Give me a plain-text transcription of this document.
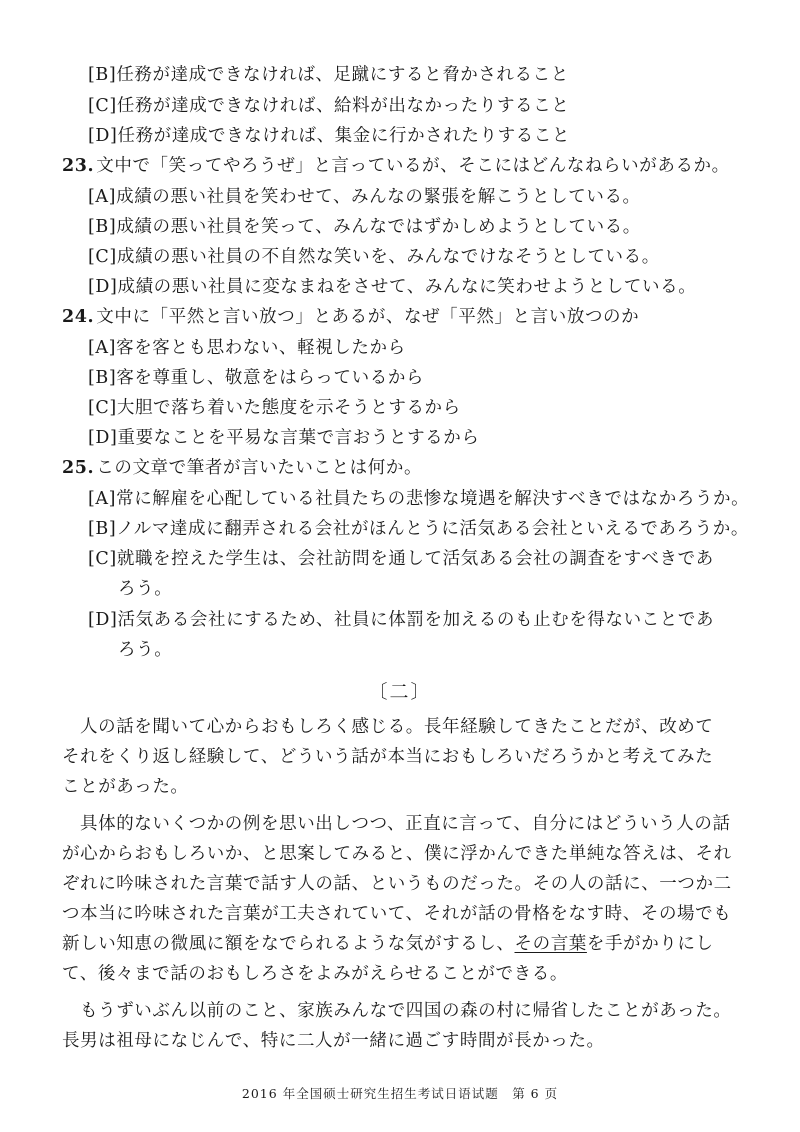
[B]任務が達成できなければ、足蹴にすると脅かされること
[C]任務が達成できなければ、給料が出なかったりすること
[D]任務が達成できなければ、集金に行かされたりすること
23. 文中で「笑ってやろうぜ」と言っているが、そこにはどんなねらいがあるか。
[A]成績の悪い社員を笑わせて、みんなの緊張を解こうとしている。
[B]成績の悪い社員を笑って、みんなではずかしめようとしている。
[C]成績の悪い社員の不自然な笑いを、みんなでけなそうとしている。
[D]成績の悪い社員に変なまねをさせて、みんなに笑わせようとしている。
24. 文中に「平然と言い放つ」とあるが、なぜ「平然」と言い放つのか
[A]客を客とも思わない、軽視したから
[B]客を尊重し、敬意をはらっているから
[C]大胆で落ち着いた態度を示そうとするから
[D]重要なことを平易な言葉で言おうとするから
25. この文章で筆者が言いたいことは何か。
[A]常に解雇を心配している社員たちの悲惨な境遇を解決すべきではなかろうか。
[B]ノルマ達成に翻弄される会社がほんとうに活気ある会社といえるであろうか。
[C]就職を控えた学生は、会社訪問を通して活気ある会社の調査をすべきであ
ろう。
[D]活気ある会社にするため、社員に体罰を加えるのも止むを得ないことであ
ろう。
〔二〕
人の話を聞いて心からおもしろく感じる。長年経験してきたことだが、改めて
それをくり返し経験して、どういう話が本当におもしろいだろうかと考えてみた
ことがあった。
具体的ないくつかの例を思い出しつつ、正直に言って、自分にはどういう人の話
が心からおもしろいか、と思案してみると、僕に浮かんできた単純な答えは、それ
ぞれに吟味された言葉で話す人の話、というものだった。その人の話に、一つか二
つ本当に吟味された言葉が工夫されていて、それが話の骨格をなす時、その場でも
新しい知恵の微風に額をなでられるような気がするし、その言葉を手がかりにし
て、後々まで話のおもしろさをよみがえらせることができる。
もうずいぶん以前のこと、家族みんなで四国の森の村に帰省したことがあった。
長男は祖母になじんで、特に二人が一緒に過ごす時間が長かった。
2016 年全国硕士研究生招生考试日语试题　第 6 页
